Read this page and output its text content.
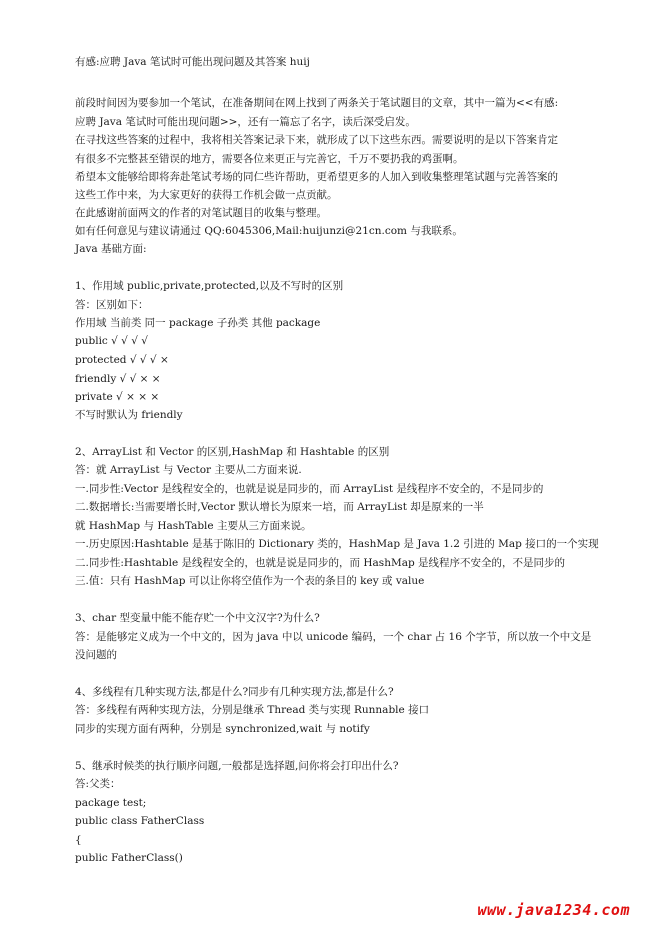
有感:应聘 Java 笔试时可能出现问题及其答案 huij
前段时间因为要参加一个笔试，在准备期间在网上找到了两条关于笔试题目的文章，其中一篇为<<有感:
应聘 Java 笔试时可能出现问题>>，还有一篇忘了名字，读后深受启发。
在寻找这些答案的过程中，我将相关答案记录下来，就形成了以下这些东西。需要说明的是以下答案肯定
有很多不完整甚至错误的地方，需要各位来更正与完善它，千万不要扔我的鸡蛋啊。
希望本文能够给即将奔赴笔试考场的同仁些许帮助，更希望更多的人加入到收集整理笔试题与完善答案的
这些工作中来，为大家更好的获得工作机会做一点贡献。
在此感谢前面两文的作者的对笔试题目的收集与整理。
如有任何意见与建议请通过 QQ:6045306,Mail:huijunzi@21cn.com 与我联系。
Java 基础方面:
1、作用域 public,private,protected,以及不写时的区别
答：区别如下：
作用域 当前类 同一 package 子孙类 其他 package
public √ √ √ √
protected √ √ √ ×
friendly √ √ × ×
private √ × × ×
不写时默认为 friendly
2、ArrayList 和 Vector 的区别,HashMap 和 Hashtable 的区别
答：就 ArrayList 与 Vector 主要从二方面来说.
一.同步性:Vector 是线程安全的，也就是说是同步的，而 ArrayList 是线程序不安全的，不是同步的
二.数据增长:当需要增长时,Vector 默认增长为原来一培，而 ArrayList 却是原来的一半
就 HashMap 与 HashTable 主要从三方面来说。
一.历史原因:Hashtable 是基于陈旧的 Dictionary 类的，HashMap 是 Java 1.2 引进的 Map 接口的一个实现
二.同步性:Hashtable 是线程安全的，也就是说是同步的，而 HashMap 是线程序不安全的，不是同步的
三.值：只有 HashMap 可以让你将空值作为一个表的条目的 key 或 value
3、char 型变量中能不能存贮一个中文汉字?为什么?
答：是能够定义成为一个中文的，因为 java 中以 unicode 编码，一个 char 占 16 个字节，所以放一个中文是
没问题的
4、多线程有几种实现方法,都是什么?同步有几种实现方法,都是什么?
答：多线程有两种实现方法，分别是继承 Thread 类与实现 Runnable 接口
同步的实现方面有两种，分别是 synchronized,wait 与 notify
5、继承时候类的执行顺序问题,一般都是选择题,问你将会打印出什么?
答:父类：
package test;
public class FatherClass
{
public FatherClass()
www.java1234.com
